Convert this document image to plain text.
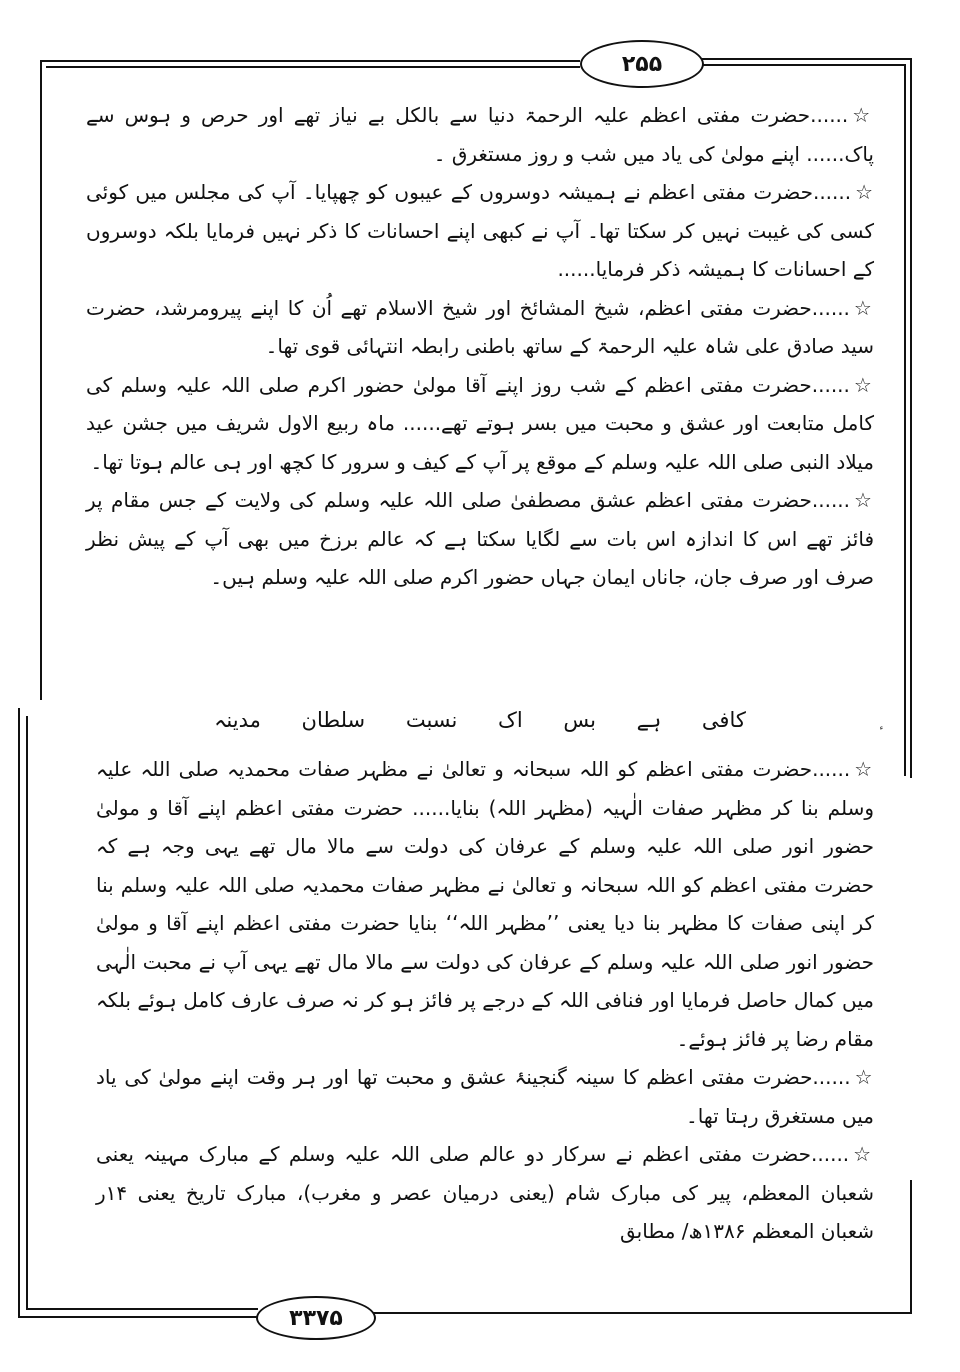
۲۵۵
۳۳۷۵

☆......حضرت مفتی اعظم علیہ الرحمۃ دنیا سے بالکل بے نیاز تھے اور حرص و ہوس سے پاک...... اپنے مولیٰ کی یاد میں شب و روز مستغرق ۔

☆......حضرت مفتی اعظم نے ہمیشہ دوسروں کے عیبوں کو چھپایا۔ آپ کی مجلس میں کوئی کسی کی غیبت نہیں کر سکتا تھا۔ آپ نے کبھی اپنے احسانات کا ذکر نہیں فرمایا بلکہ دوسروں کے احسانات کا ہمیشہ ذکر فرمایا......

☆......حضرت مفتی اعظم، شیخ المشائخ اور شیخ الاسلام تھے اُن کا اپنے پیرومرشد، حضرت سید صادق علی شاہ علیہ الرحمۃ کے ساتھ باطنی رابطہ انتہائی قوی تھا۔

☆......حضرت مفتی اعظم کے شب روز اپنے آقا مولیٰ حضور اکرم صلی اللہ علیہ وسلم کی کامل متابعت اور عشق و محبت میں بسر ہوتے تھے...... ماہ ربیع الاول شریف میں جشن عید میلاد النبی صلی اللہ علیہ وسلم کے موقع پر آپ کے کیف و سرور کا کچھ اور ہی عالم ہوتا تھا۔

☆......حضرت مفتی اعظم عشق مصطفیٰ صلی اللہ علیہ وسلم کی ولایت کے جس مقام پر فائز تھے اس کا اندازہ اس بات سے لگایا سکتا ہے کہ عالم برزخ میں بھی آپ کے پیش نظر صرف اور صرف جان، جاناں ایمان جہاں حضور اکرم صلی اللہ علیہ وسلم ہیں۔

کافی ہے بس اک نسبت سلطان مدینہ

☆......حضرت مفتی اعظم کو اللہ سبحانہ و تعالیٰ نے مظہر صفات محمدیہ صلی اللہ علیہ وسلم بنا کر مظہر صفات الٰہیہ (مظہر اللہ) بنایا...... حضرت مفتی اعظم اپنے آقا و مولیٰ حضور انور صلی اللہ علیہ وسلم کے عرفان کی دولت سے مالا مال تھے یہی وجہ ہے کہ حضرت مفتی اعظم کو اللہ سبحانہ و تعالیٰ نے مظہر صفات محمدیہ صلی اللہ علیہ وسلم بنا کر اپنی صفات کا مظہر بنا دیا یعنی ’’مظہر اللہ‘‘ بنایا حضرت مفتی اعظم اپنے آقا و مولیٰ حضور انور صلی اللہ علیہ وسلم کے عرفان کی دولت سے مالا مال تھے یہی آپ نے محبت الٰہی میں کمال حاصل فرمایا اور فنافی اللہ کے درجے پر فائز ہو کر نہ صرف عارف کامل ہوئے بلکہ مقام رضا پر فائز ہوئے۔

☆......حضرت مفتی اعظم کا سینہ گنجینۂ عشق و محبت تھا اور ہر وقت اپنے مولیٰ کی یاد میں مستغرق رہتا تھا۔

☆......حضرت مفتی اعظم نے سرکار دو عالم صلی اللہ علیہ وسلم کے مبارک مہینہ یعنی شعبان المعظم، پیر کی مبارک شام (یعنی درمیان عصر و مغرب)، مبارک تاریخ یعنی ۱۴ر شعبان المعظم ۱۳۸۶ھ/ مطابق
